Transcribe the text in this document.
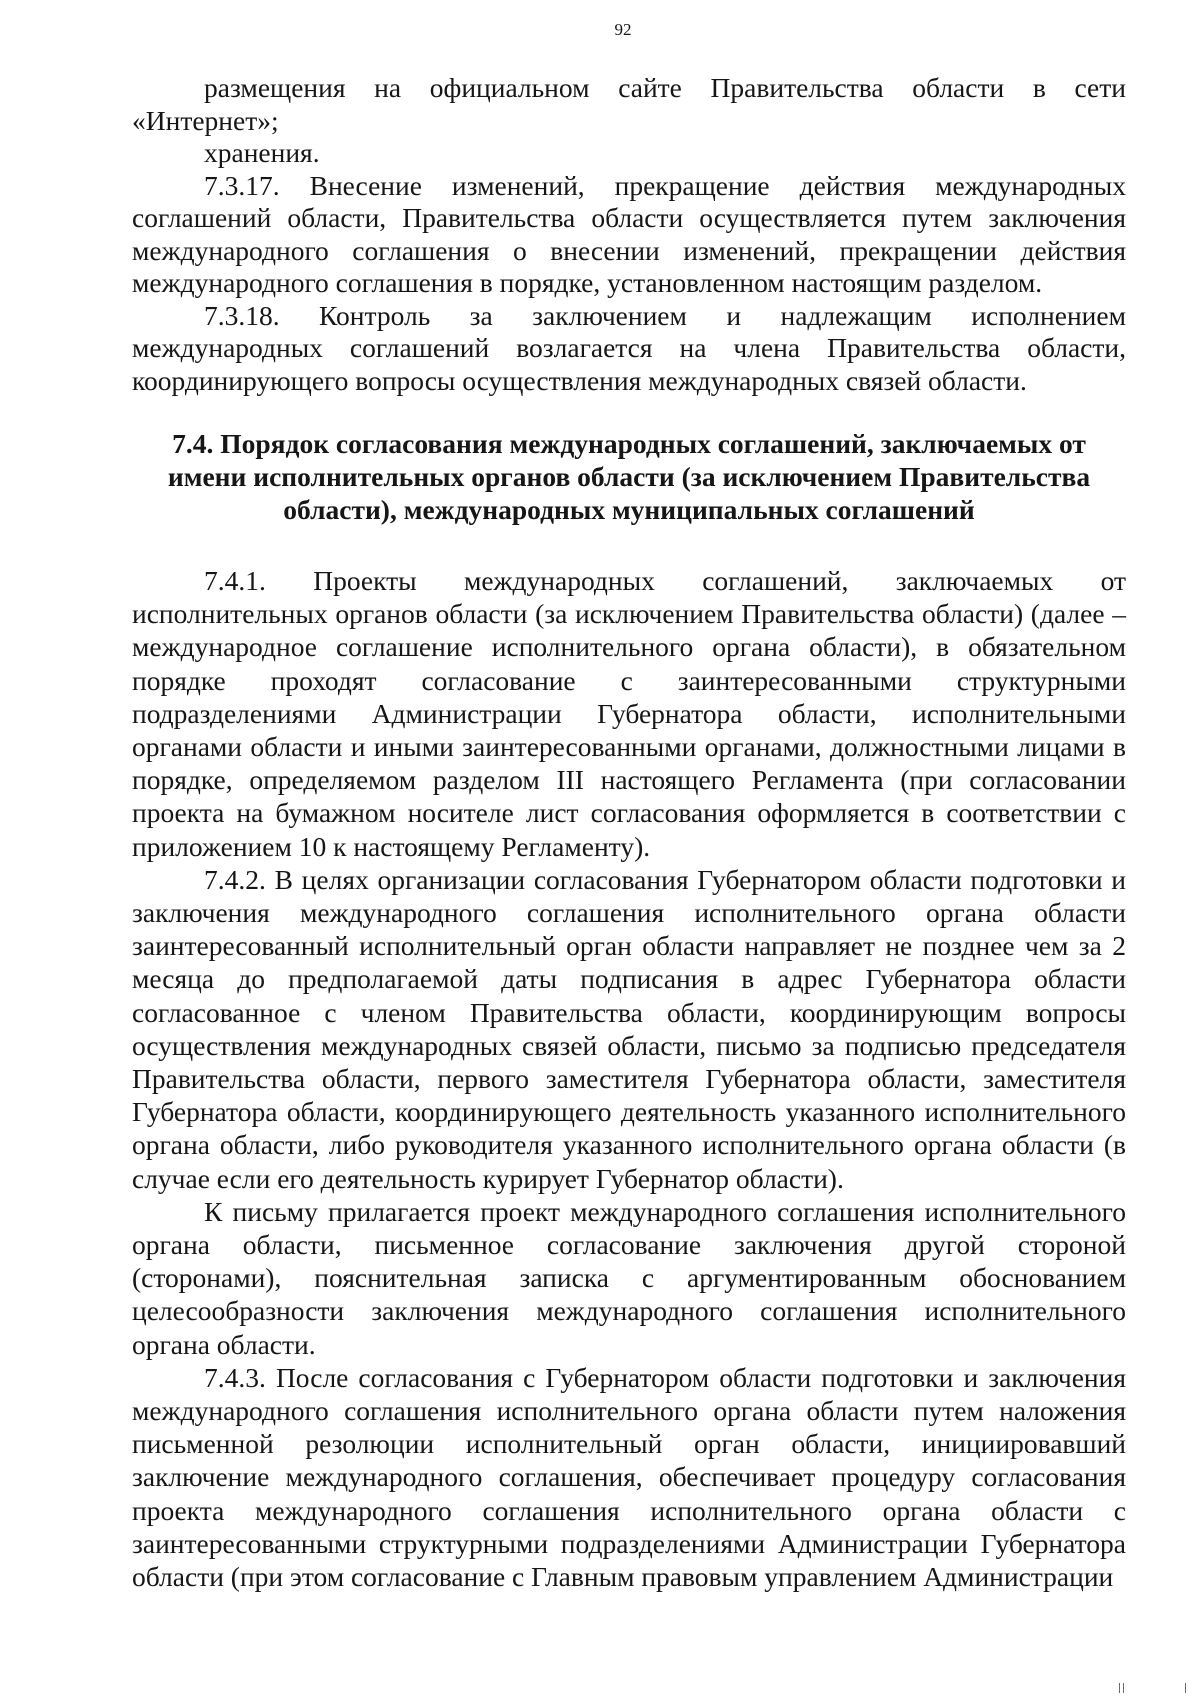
92

размещения на официальном сайте Правительства области в сети «Интернет»;

хранения.

7.3.17. Внесение изменений, прекращение действия международных соглашений области, Правительства области осуществляется путем заключения международного соглашения о внесении изменений, прекращении действия международного соглашения в порядке, установленном настоящим разделом.

7.3.18. Контроль за заключением и надлежащим исполнением международных соглашений возлагается на члена Правительства области, координирующего вопросы осуществления международных связей области.

7.4. Порядок согласования международных соглашений, заключаемых от имени исполнительных органов области (за исключением Правительства области), международных муниципальных соглашений

7.4.1. Проекты международных соглашений, заключаемых от исполнительных органов области (за исключением Правительства области) (далее – международное соглашение исполнительного органа области), в обязательном порядке проходят согласование с заинтересованными структурными подразделениями Администрации Губернатора области, исполнительными органами области и иными заинтересованными органами, должностными лицами в порядке, определяемом разделом III настоящего Регламента (при согласовании проекта на бумажном носителе лист согласования оформляется в соответствии с приложением 10 к настоящему Регламенту).

7.4.2. В целях организации согласования Губернатором области подготовки и заключения международного соглашения исполнительного органа области заинтересованный исполнительный орган области направляет не позднее чем за 2 месяца до предполагаемой даты подписания в адрес Губернатора области согласованное с членом Правительства области, координирующим вопросы осуществления международных связей области, письмо за подписью председателя Правительства области, первого заместителя Губернатора области, заместителя Губернатора области, координирующего деятельность указанного исполнительного органа области, либо руководителя указанного исполнительного органа области (в случае если его деятельность курирует Губернатор области).

К письму прилагается проект международного соглашения исполнительного органа области, письменное согласование заключения другой стороной (сторонами), пояснительная записка с аргументированным обоснованием целесообразности заключения международного соглашения исполнительного органа области.

7.4.3. После согласования с Губернатором области подготовки и заключения международного соглашения исполнительного органа области путем наложения письменной резолюции исполнительный орган области, инициировавший заключение международного соглашения, обеспечивает процедуру согласования проекта международного соглашения исполнительного органа области с заинтересованными структурными подразделениями Администрации Губернатора области (при этом согласование с Главным правовым управлением Администрации
